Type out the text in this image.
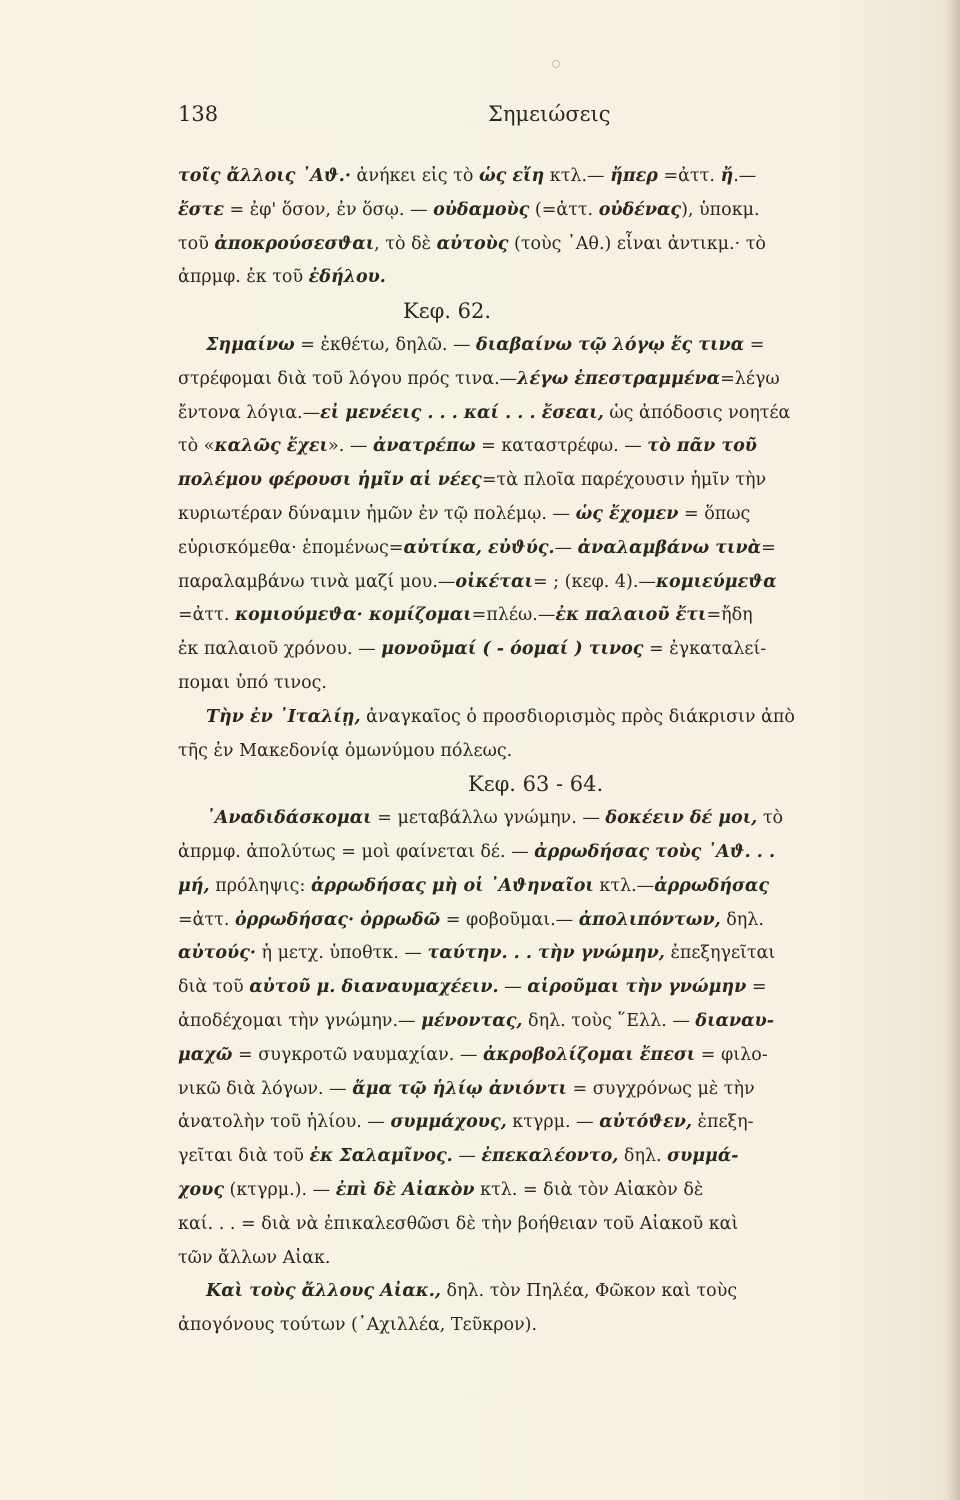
138	Σημειώσεις
τοῖς ἄλλοις ᾿Αϑ.· ἀνήκει εἰς τὸ ὡς εἴη κτλ.— ἤπερ =ἀττ. ἤ.—
ἔστε = ἐφ' ὅσον, ἐν ὅσῳ. — οὐδαμοὺς (=ἀττ. οὐδένας), ὑποκμ.
τοῦ ἀποκρούσεσϑαι, τὸ δὲ αὐτοὺς (τοὺς ᾿Αθ.) εἶναι ἀντικμ.· τὸ
ἀπρμφ. ἐκ τοῦ ἐδήλου.
Κεφ. 62.
Σημαίνω = ἐκθέτω, δηλῶ. — διαβαίνω τῷ λόγῳ ἔς τινα =
στρέφομαι διὰ τοῦ λόγου πρός τινα.—λέγω ἐπεστραμμένα=λέγω
ἔντονα λόγια.—εἰ μενέεις . . . καί . . . ἔσεαι, ὡς ἀπόδοσις νοητέα
τὸ «καλῶς ἔχει». — ἀνατρέπω = καταστρέφω. — τὸ πᾶν τοῦ
πολέμου φέρουσι ἡμῖν αἱ νέες=τὰ πλοῖα παρέχουσιν ἡμῖν τὴν
κυριωτέραν δύναμιν ἡμῶν ἐν τῷ πολέμῳ. — ὡς ἔχομεν = ὅπως
εὑρισκόμεθα· ἑπομένως=αὐτίκα, εὐϑύς.— ἀναλαμβάνω τινὰ=
παραλαμβάνω τινὰ μαζί μου.—οἰκέται= ; (κεφ. 4).—κομιεύμεϑα
=ἀττ. κομιούμεϑα· κομίζομαι=πλέω.—ἐκ παλαιοῦ ἔτι=ἤδη
ἐκ παλαιοῦ χρόνου. — μονοῦμαί ( - όομαί ) τινος = ἐγκαταλεί-
πομαι ὑπό τινος.
Τὴν ἐν ᾿Ιταλίῃ, ἀναγκαῖος ὁ προσδιορισμὸς πρὸς διάκρισιν ἀπὸ
τῆς ἐν Μακεδονίᾳ ὁμωνύμου πόλεως.
Κεφ. 63 - 64.
᾿Αναδιδάσκομαι = μεταβάλλω γνώμην. — δοκέειν δέ μοι, τὸ
ἀπρμφ. ἀπολύτως = μοὶ φαίνεται δέ. — ἀρρωδήσας τοὺς ᾿Αϑ. . .
μή, πρόληψις: ἀρρωδήσας μὴ οἱ ᾿Αϑηναῖοι κτλ.—ἀρρωδήσας
=ἀττ. ὀρρωδήσας· ὀρρωδῶ = φοβοῦμαι.— ἀπολιπόντων, δηλ.
αὐτούς· ἡ μετχ. ὑποθτκ. — ταύτην. . . τὴν γνώμην, ἐπεξηγεῖται
διὰ τοῦ αὐτοῦ μ. διαναυμαχέειν. — αἱροῦμαι τὴν γνώμην =
ἀποδέχομαι τὴν γνώμην.— μένοντας, δηλ. τοὺς ῞Ελλ. — διαναυ-
μαχῶ = συγκροτῶ ναυμαχίαν. — ἀκροβολίζομαι ἔπεσι = φιλο-
νικῶ διὰ λόγων. — ἅμα τῷ ἡλίῳ ἀνιόντι = συγχρόνως μὲ τὴν
ἀνατολὴν τοῦ ἡλίου. — συμμάχους, κτγρμ. — αὐτόϑεν, ἐπεξη-
γεῖται διὰ τοῦ ἐκ Σαλαμῖνος. — ἐπεκαλέοντο, δηλ. συμμά-
χους (κτγρμ.). — ἐπὶ δὲ Αἰακὸν κτλ. = διὰ τὸν Αἰακὸν δὲ
καί. . . = διὰ νὰ ἐπικαλεσθῶσι δὲ τὴν βοήθειαν τοῦ Αἰακοῦ καὶ
τῶν ἄλλων Αἰακ.
Καὶ τοὺς ἄλλους Αἰακ., δηλ. τὸν Πηλέα, Φῶκον καὶ τοὺς
ἀπογόνους τούτων (᾿Αχιλλέα, Τεῦκρον).
